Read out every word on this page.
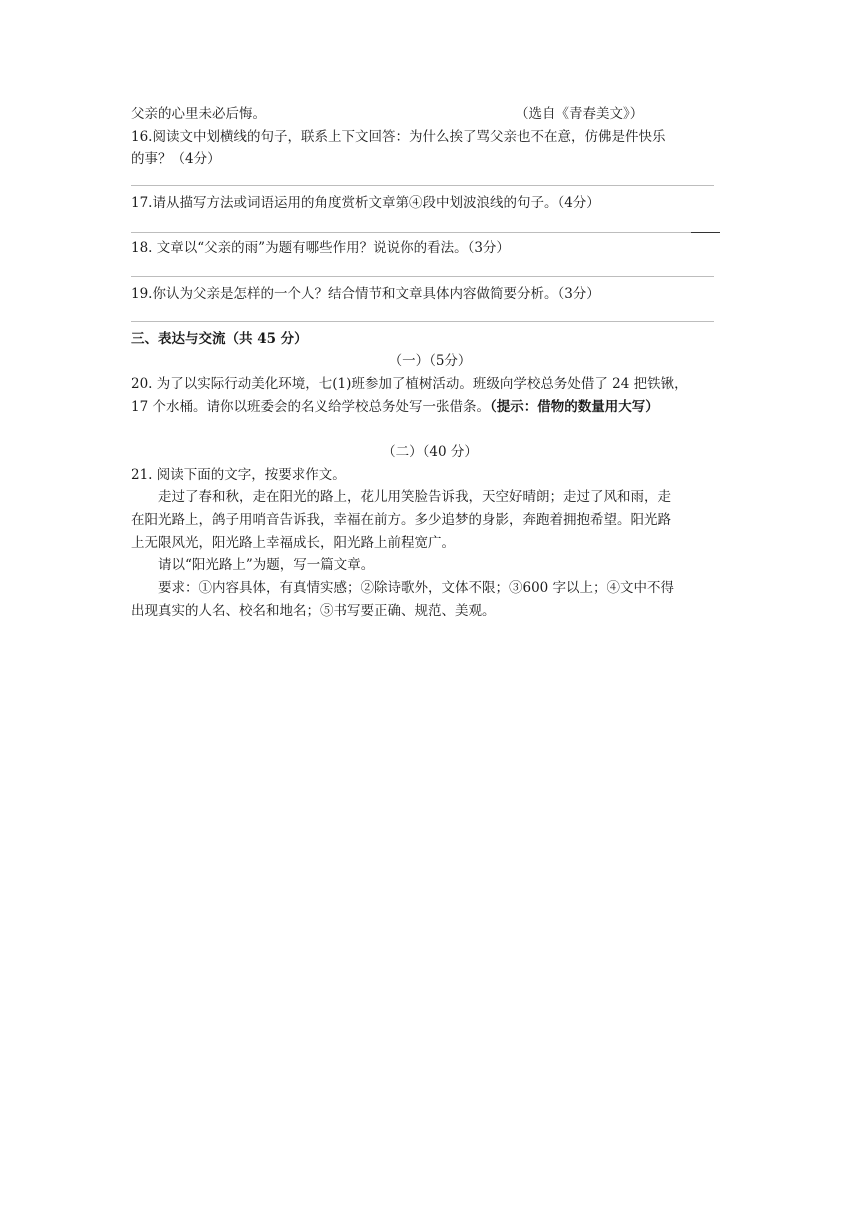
父亲的心里未必后悔。	（选自《青春美文》）
16.阅读文中划横线的句子，联系上下文回答：为什么挨了骂父亲也不在意，仿佛是件快乐
的事？（4分）
17.请从描写方法或词语运用的角度赏析文章第④段中划波浪线的句子。（4分）
18. 文章以“父亲的雨”为题有哪些作用？说说你的看法。（3分）
19.你认为父亲是怎样的一个人？结合情节和文章具体内容做简要分析。（3分）
三、表达与交流（共 45 分）
（一）（5分）
20. 为了以实际行动美化环境，七(1)班参加了植树活动。班级向学校总务处借了 24 把铁锹，
17 个水桶。请你以班委会的名义给学校总务处写一张借条。（提示：借物的数量用大写）
（二）（40 分）
21. 阅读下面的文字，按要求作文。
走过了春和秋，走在阳光的路上，花儿用笑脸告诉我，天空好晴朗；走过了风和雨，走
在阳光路上，鸽子用哨音告诉我，幸福在前方。多少追梦的身影，奔跑着拥抱希望。阳光路
上无限风光，阳光路上幸福成长，阳光路上前程宽广。
请以“阳光路上”为题，写一篇文章。
要求：①内容具体，有真情实感；②除诗歌外，文体不限；③600 字以上；④文中不得
出现真实的人名、校名和地名；⑤书写要正确、规范、美观。
